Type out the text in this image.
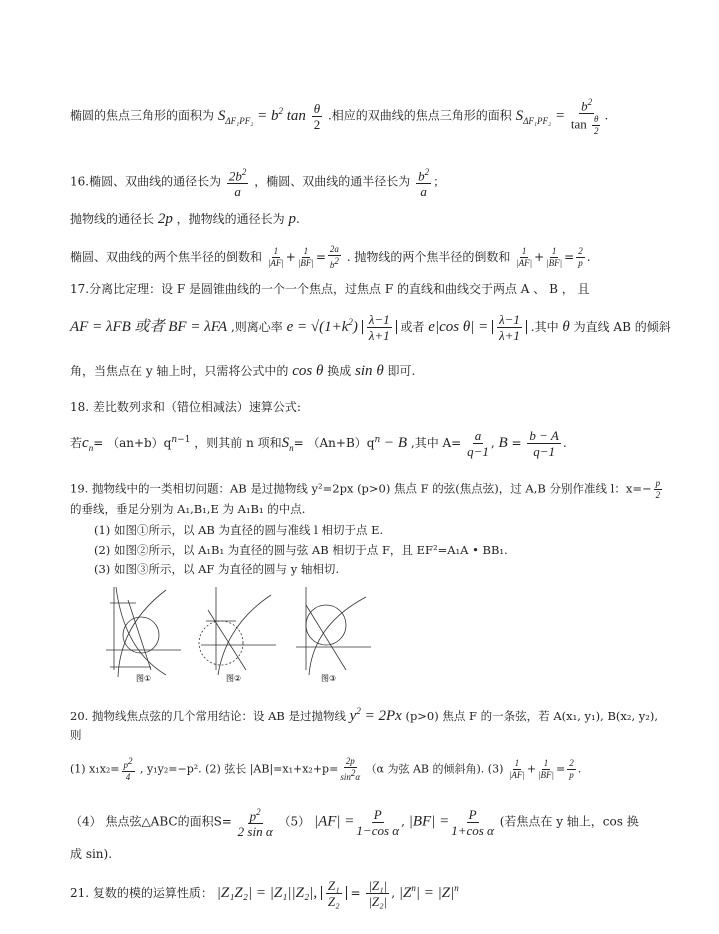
椭圆的焦点三角形的面积为 $S_{\Delta F_1PF_2} = b^2$ $\tan \frac{\theta}{2}$ .相应的双曲线的焦点三角形的面积 $S_{\Delta F_1PF_2} = \frac{b^2}{\tan \frac{\theta}{2}}$ .
16.椭圆、双曲线的通径长为 $\frac{2b^2}{a}$ ，椭圆、双曲线的通半径长为 $\frac{b^2}{a}$ ；
抛物线的通径长 2p ，抛物线的通径长为 p.
椭圆、双曲线的两个焦半径的倒数和 $\frac{1}{|AF|} + \frac{1}{|BF|} = \frac{2a}{b^2}$ . 抛物线的两个焦半径的倒数和 $\frac{1}{|AF|} + \frac{1}{|BF|} = \frac{2}{p}$ .
17.分离比定理：设 F 是圆锥曲线的一个一个焦点，过焦点 F 的直线和曲线交于两点 A 、 B ， 且
AF = λFB 或者 BF = λFA ,则离心率 $e = √(1+k^2) \frac{\lambda-1}{\lambda+1}$ 或者 e|cos $\theta| = \frac{\lambda-1}{\lambda+1}$ .其中 θ 为直线 AB 的倾斜
角，当焦点在 y 轴上时，只需将公式中的 cos θ 换成 sin θ 即可.
18. 差比数列求和（错位相减法）速算公式:
若$c_n= (an+b)q^{n-1}$ ，则其前 n 项和$S_n= (An+B)q^n - B$ ,其中 $A= \frac{a}{q-1}$ , $B = \frac{b - A}{q-1}$ .
19. 抛物线中的一类相切问题：AB 是过抛物线 y²=2px (p>0) 焦点 F 的弦(焦点弦)，过 A,B 分别作准线 l：$x=- \frac{p}{2}$
的垂线，垂足分别为 A₁,B₁,E 为 A₁B₁ 的中点.
(1) 如图①所示，以 AB 为直径的圆与准线 l 相切于点 E.
(2) 如图②所示，以 A₁B₁ 为直径的圆与弦 AB 相切于点 F，且 EF²=A₁A • BB₁.
(3) 如图③所示，以 AF 为直径的圆与 y 轴相切.
图①	图②	图③
20. 抛物线焦点弦的几个常用结论：设 AB 是过抛物线 $y^2 = 2Px$ (p>0) 焦点 F 的一条弦，若 A(x₁, y₁), B(x₂, y₂),
则
(1) $x_1x_2= \frac{p^2}{4}$ , y₁y₂=−p². (2) 弦长 $|AB|=x_1+x_2+p= \frac{2p}{\sin^2\alpha} (\alpha$ 为弦 AB 的倾斜角). $(3) \frac{1}{|AF|} + \frac{1}{|BF|} = \frac{2}{p}$ .
（4） 焦点弦△ABC的面积$S= \frac{p^2}{\text{2 sin α}} (5) |AF| = \frac{P}{\text{1−cos α}}$ , $|BF| = \frac{P}{\text{1+cos α}}$ (若焦点在 y 轴上，cos 换
成 sin).
21. 复数的模的运算性质： |Z₁Z₂| = |Z₁||Z₂|, $\frac{\text{Z₁}}{\text{Z₂}} = \frac{\text{|Z₁|}}{\text{|Z₂|}}$ , $|Z^n| = |Z|^n$
